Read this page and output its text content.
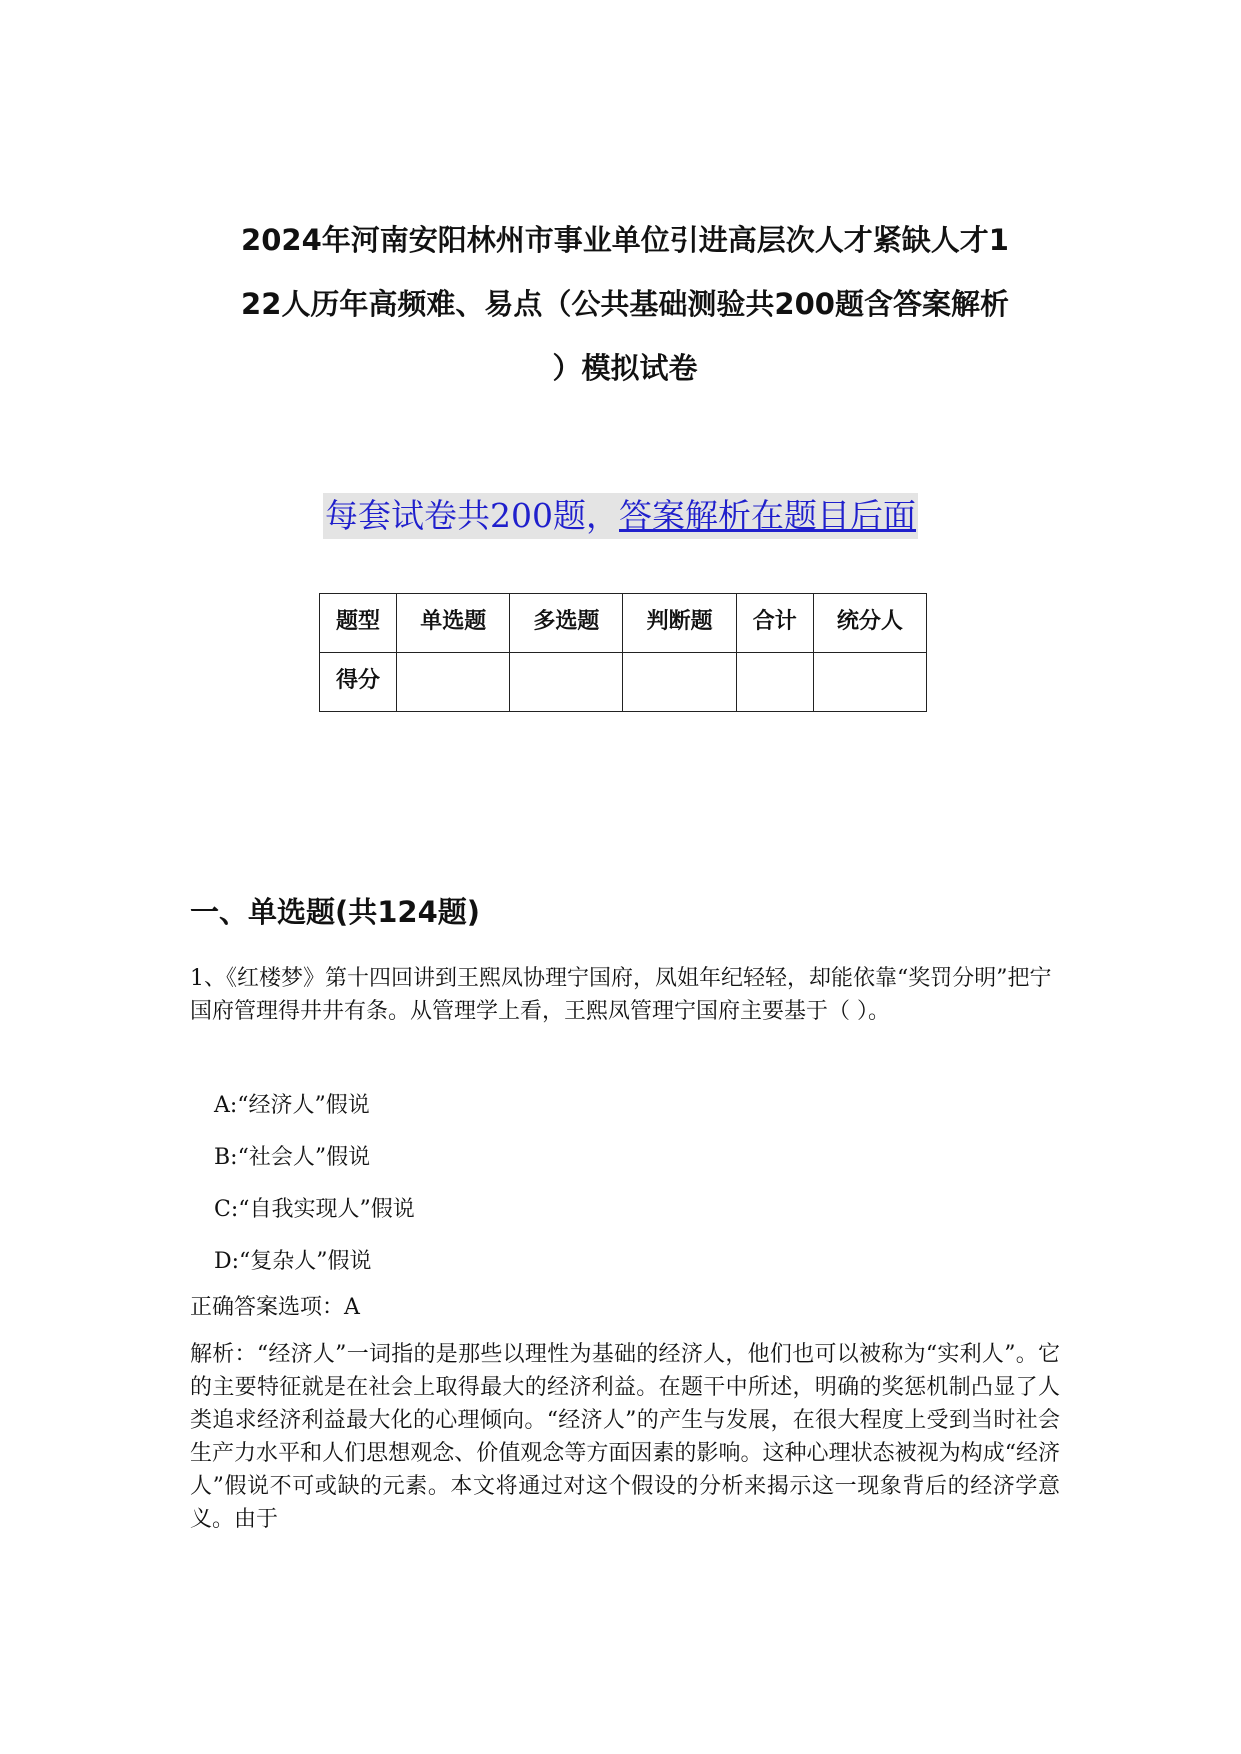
2024年河南安阳林州市事业单位引进高层次人才紧缺人才1
22人历年高频难、易点（公共基础测验共200题含答案解析
）模拟试卷
每套试卷共200题，答案解析在题目后面
题型	单选题	多选题	判断题	合计	统分人
得分					
一、单选题(共124题)

1、《红楼梦》第十四回讲到王熙凤协理宁国府，凤姐年纪轻轻，却能依靠“奖罚分明”把宁国府管理得井井有条。从管理学上看，王熙凤管理宁国府主要基于（ ）。

A:“经济人”假说
B:“社会人”假说
C:“自我实现人”假说
D:“复杂人”假说

正确答案选项：A

解析：“经济人”一词指的是那些以理性为基础的经济人，他们也可以被称为“实利人”。它的主要特征就是在社会上取得最大的经济利益。在题干中所述，明确的奖惩机制凸显了人类追求经济利益最大化的心理倾向。“经济人”的产生与发展，在很大程度上受到当时社会生产力水平和人们思想观念、价值观念等方面因素的影响。这种心理状态被视为构成“经济人”假说不可或缺的元素。本文将通过对这个假设的分析来揭示这一现象背后的经济学意义。由于
